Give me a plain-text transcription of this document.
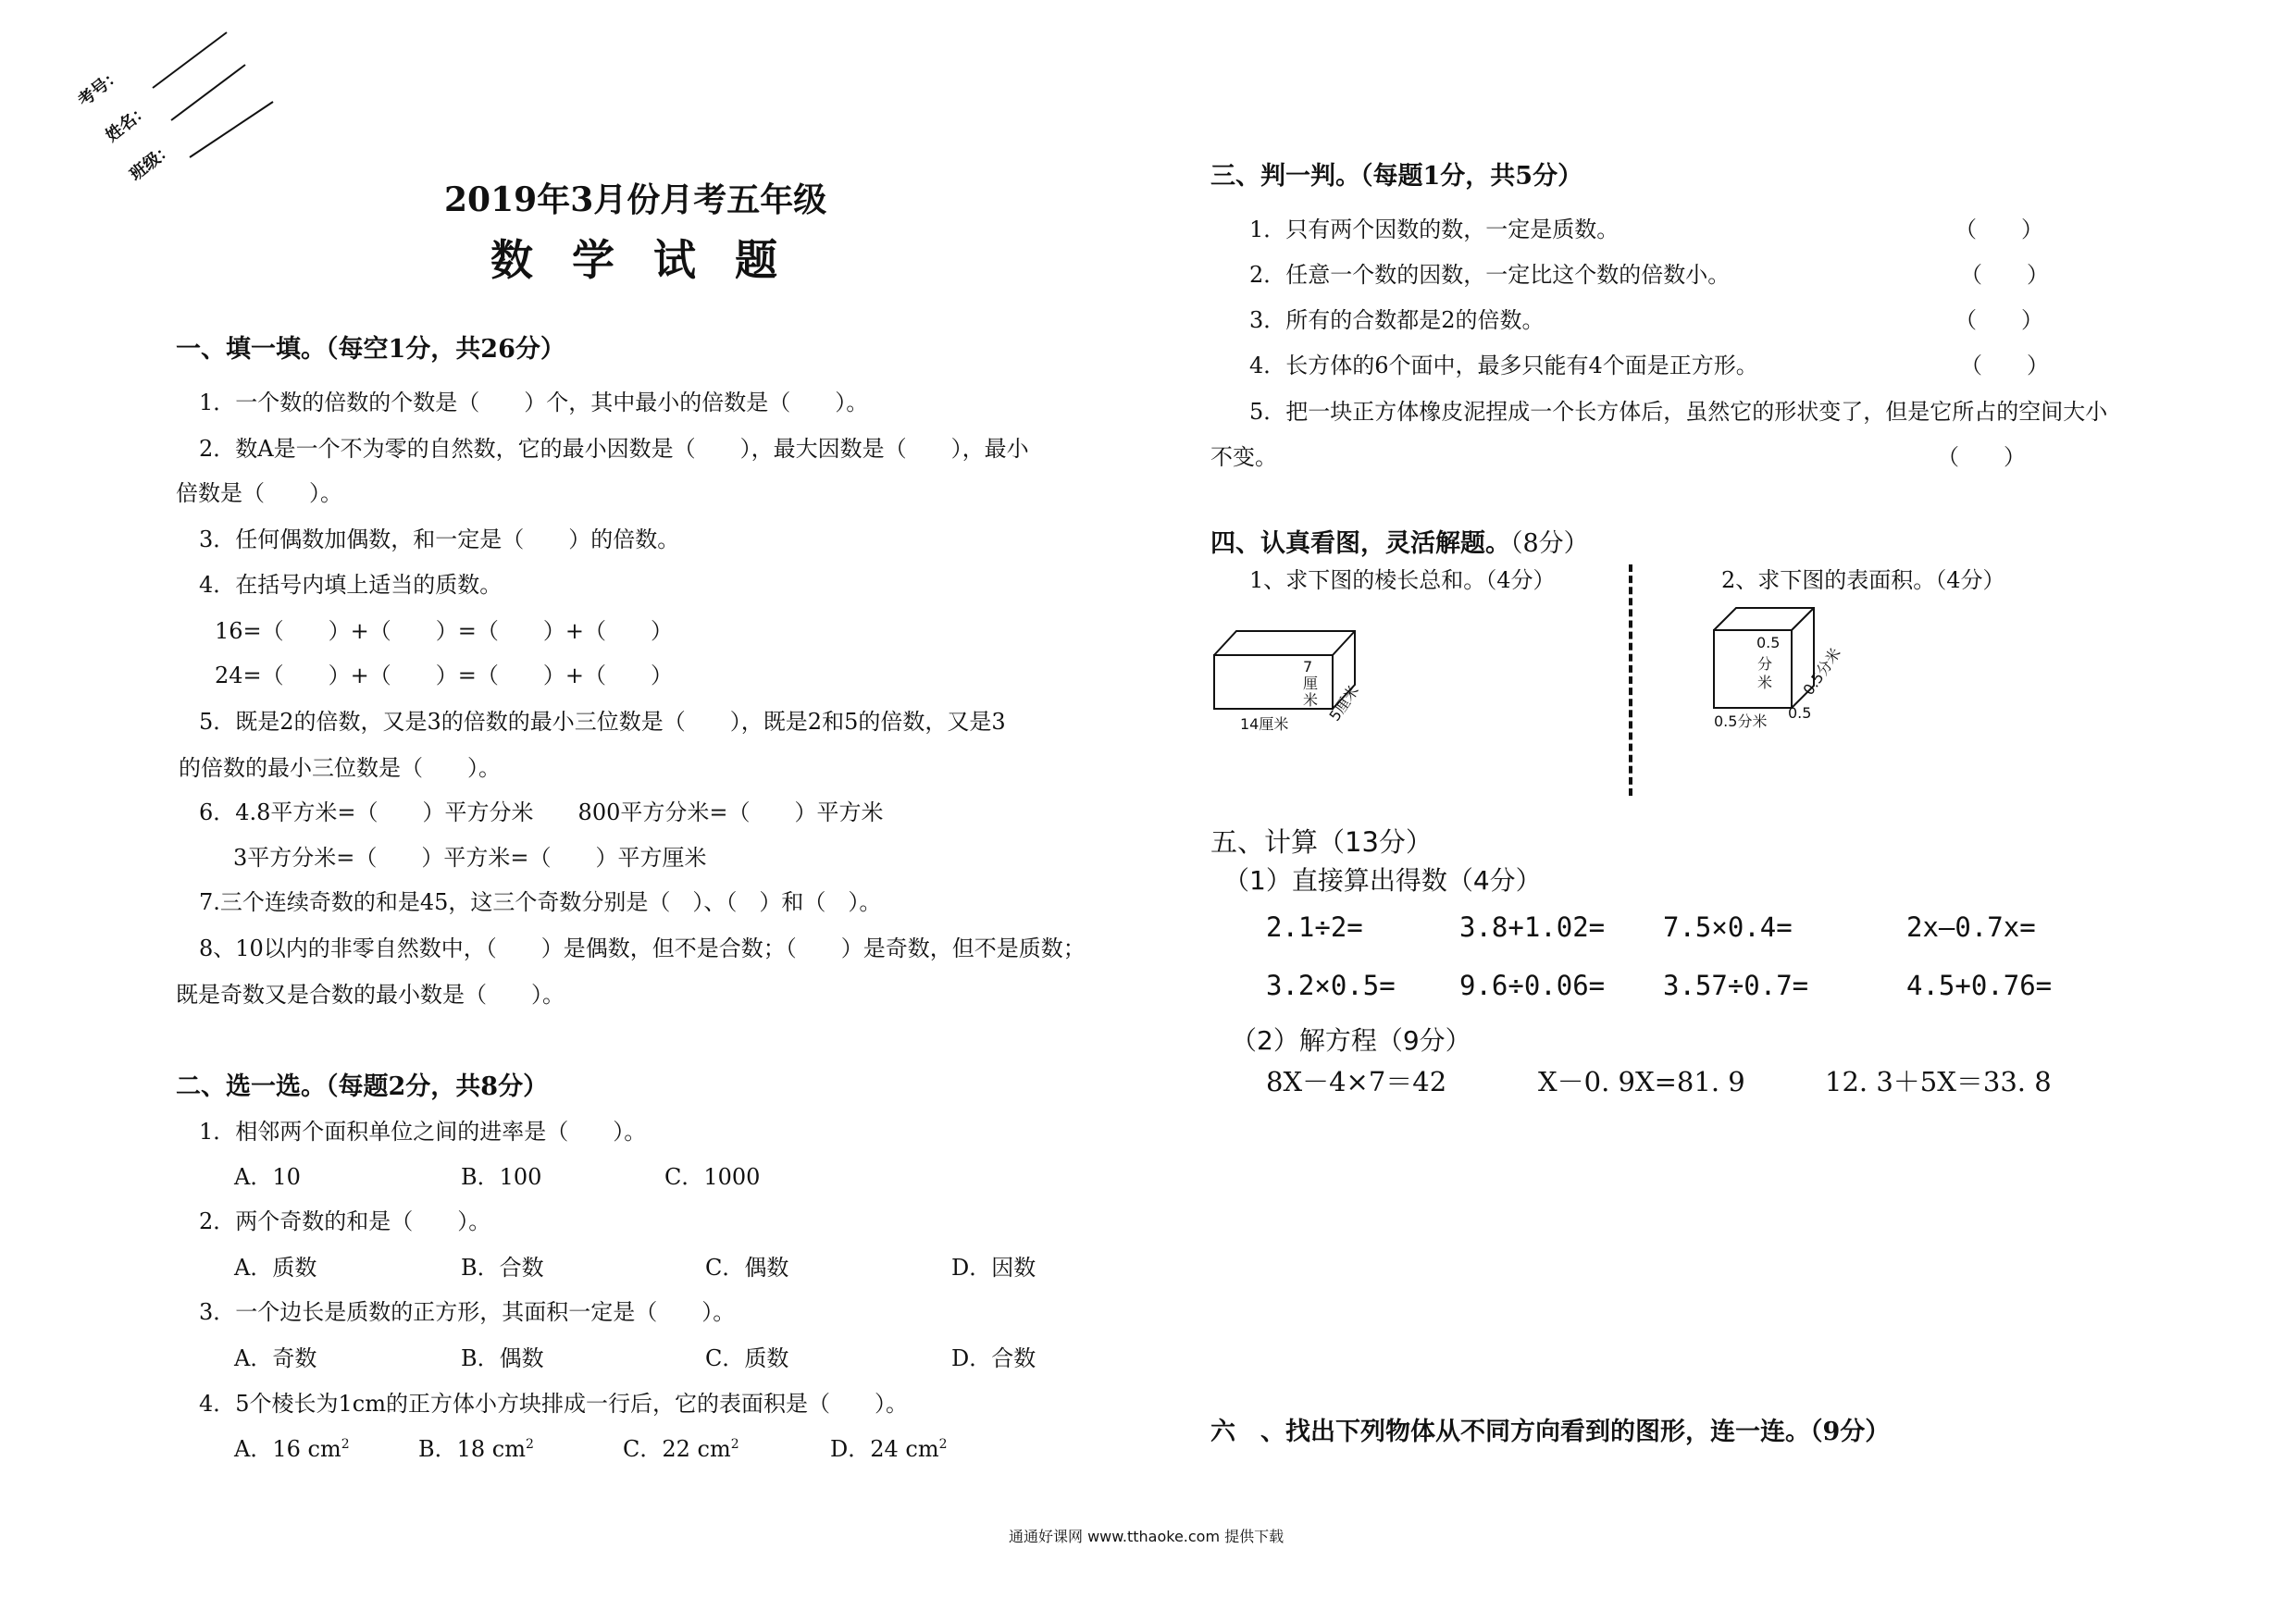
考号：
姓名：
班级：
2019年3月份月考五年级
数学试题
一、填一填。（每空1分，共26分）
1．一个数的倍数的个数是（　　）个，其中最小的倍数是（　　）。
2．数A是一个不为零的自然数，它的最小因数是（　　），最大因数是（　　），最小
倍数是（　　）。
3．任何偶数加偶数，和一定是（　　）的倍数。
4．在括号内填上适当的质数。
16=（　　）+（　　）=（　　）+（　　）
24=（　　）+（　　）=（　　）+（　　）
5．既是2的倍数，又是3的倍数的最小三位数是（　　），既是2和5的倍数，又是3
的倍数的最小三位数是（　　）。
6．4.8平方米=（　　）平方分米　　800平方分米=（　　）平方米
3平方分米=（　　）平方米=（　　）平方厘米
7.三个连续奇数的和是45，这三个奇数分别是（　）、（　）和（　）。
8、10以内的非零自然数中，（　　）是偶数，但不是合数；（　　）是奇数，但不是质数；
既是奇数又是合数的最小数是（　　）。
二、选一选。（每题2分，共8分）
1．相邻两个面积单位之间的进率是（　　）。
A．10	B．100	C．1000
2．两个奇数的和是（　　）。
A．质数	B．合数	C．偶数	D．因数
3．一个边长是质数的正方形，其面积一定是（　　）。
A．奇数	B．偶数	C．质数	D．合数
4．5个棱长为1cm的正方体小方块排成一行后，它的表面积是（　　）。
A．16 $cm^2$	B．18 $cm^2$	C．22 $cm^2$	D．24 $cm^2$
三、判一判。（每题1分，共5分）
1．只有两个因数的数，一定是质数。	（　　）
2．任意一个数的因数，一定比这个数的倍数小。	（　　）
3．所有的合数都是2的倍数。	（　　）
4．长方体的6个面中，最多只能有4个面是正方形。	（　　）
5．把一块正方体橡皮泥捏成一个长方体后，虽然它的形状变了，但是它所占的空间大小
不变。	（　　）
四、认真看图，灵活解题。（8分）
1、求下图的棱长总和。（4分）	2、求下图的表面积。（4分）
7厘米 5厘米
14厘米
0.5
分米 0.5分米
0.5分米 0.5
五、计算（13分）
（1）直接算出得数（4分）
2.1÷2=	3.8+1.02= 7.5×0.4=	2x—0.7x=
3.2×0.5= 9.6÷0.06= 3.57÷0.7=	4.5+0.76=
（2）解方程（9分）
8X－4×7＝42	X－0. 9X=81. 9	12. 3＋5X＝33. 8
六　、找出下列物体从不同方向看到的图形，连一连。（9分）
通通好课网 www.tthaoke.com 提供下载
